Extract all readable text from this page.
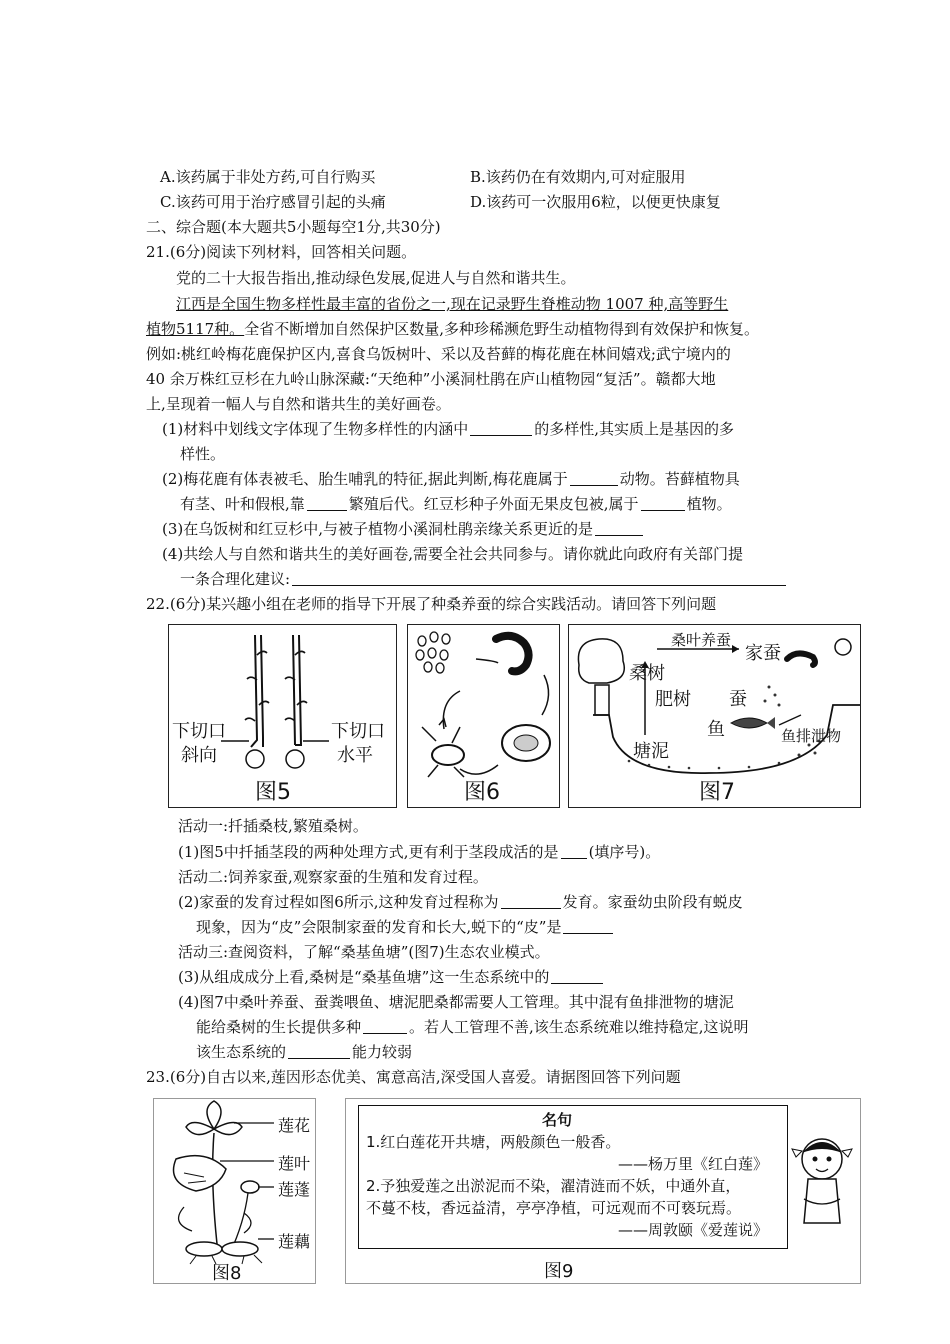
A.该药属于非处方药,可自行购买	B.该药仍在有效期内,可对症服用
C.该药可用于治疗感冒引起的头痛	D.该药可一次服用6粒，以便更快康复
二、综合题(本大题共5小题每空1分,共30分)
21.(6分)阅读下列材料，回答相关问题。
党的二十大报告指出,推动绿色发展,促进人与自然和谐共生。
江西是全国生物多样性最丰富的省份之一,现在记录野生脊椎动物 1007 种,高等野生
植物5117种。全省不断增加自然保护区数量,多种珍稀濒危野生动植物得到有效保护和恢复。
例如:桃红岭梅花鹿保护区内,喜食乌饭树叶、采以及苔藓的梅花鹿在林间嬉戏;武宁境内的
40 余万株红豆杉在九岭山脉深藏:“天绝种”小溪洞杜鹃在庐山植物园“复活”。赣都大地
上,呈现着一幅人与自然和谐共生的美好画卷。
(1)材料中划线文字体现了生物多样性的内涵中	的多样性,其实质上是基因的多
样性。
(2)梅花鹿有体表被毛、胎生哺乳的特征,据此判断,梅花鹿属于	动物。苔藓植物具
有茎、叶和假根,靠	繁殖后代。红豆杉种子外面无果皮包被,属于	植物。
(3)在乌饭树和红豆杉中,与被子植物小溪洞杜鹃亲缘关系更近的是
(4)共绘人与自然和谐共生的美好画卷,需要全社会共同参与。请你就此向政府有关部门提
一条合理化建议:
22.(6分)某兴趣小组在老师的指导下开展了种桑养蚕的综合实践活动。请回答下列问题
下切口
斜向
下切口
水平
图5	图6
桑树
桑叶养蚕
家蚕
肥树 蚕
鱼
塘泥
鱼排泄物
图7
活动一:扦插桑枝,繁殖桑树。
(1)图5中扦插茎段的两种处理方式,更有利于茎段成活的是 (填序号)。
活动二:饲养家蚕,观察家蚕的生殖和发育过程。
(2)家蚕的发育过程如图6所示,这种发育过程称为	发育。家蚕幼虫阶段有蜕皮
现象，因为“皮”会限制家蚕的发育和长大,蜕下的“皮”是
活动三:查阅资料，了解“桑基鱼塘”(图7)生态农业模式。
(3)从组成成分上看,桑树是“桑基鱼塘”这一生态系统中的
(4)图7中桑叶养蚕、蚕粪喂鱼、塘泥肥桑都需要人工管理。其中混有鱼排泄物的塘泥
能给桑树的生长提供多种	。若人工管理不善,该生态系统难以维持稳定,这说明
该生态系统的	能力较弱
23.(6分)自古以来,莲因形态优美、寓意高洁,深受国人喜爱。请据图回答下列问题
莲花
莲叶
莲蓬
莲藕
图8
名句
1.红白莲花开共塘，两般颜色一般香。
——杨万里《红白莲》
2.予独爱莲之出淤泥而不染，濯清涟而不妖，中通外直，
不蔓不枝，香远益清，亭亭净植，可远观而不可亵玩焉。
——周敦颐《爱莲说》
图9
